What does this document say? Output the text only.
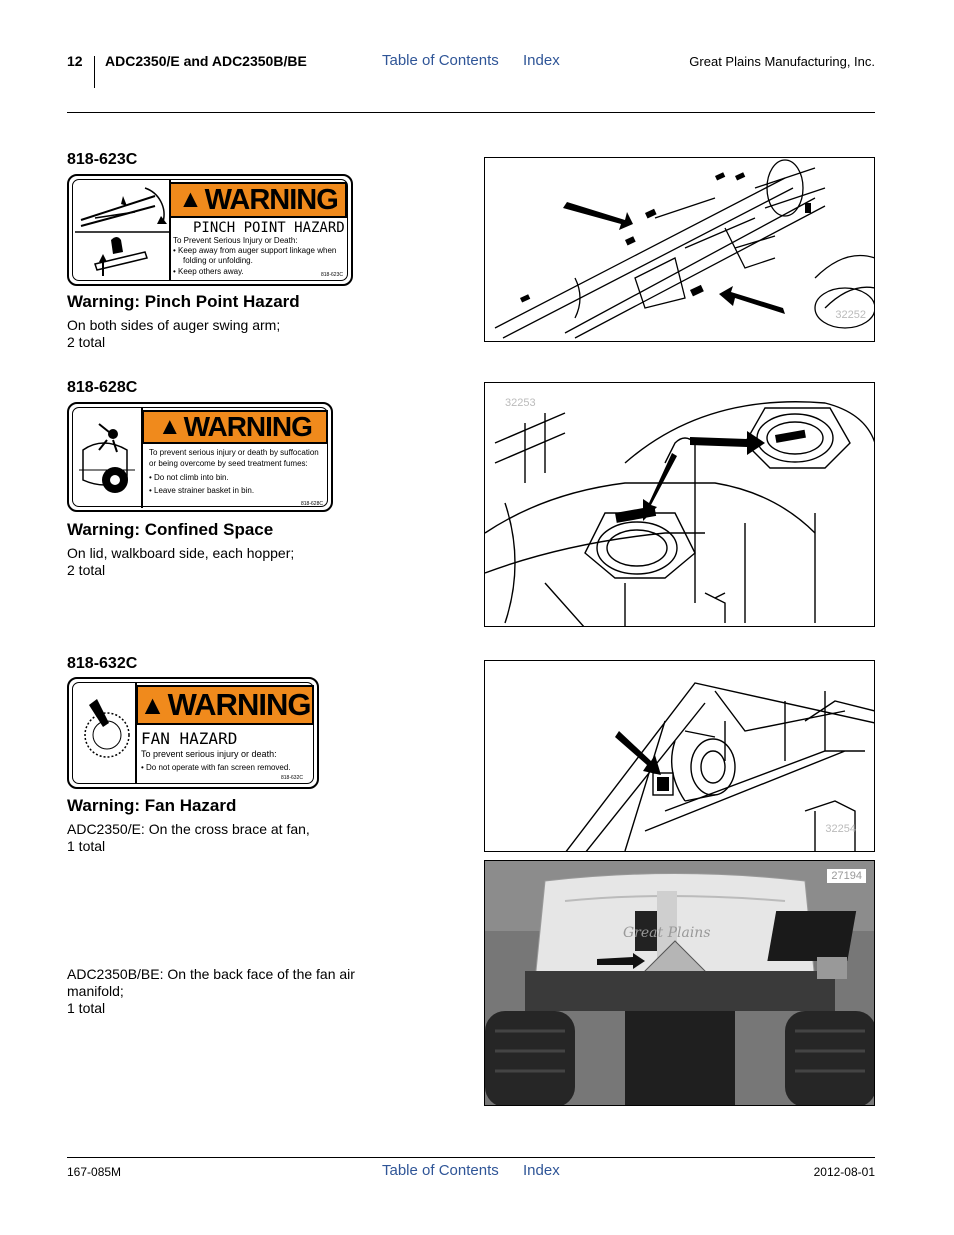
12 ADC2350/E and ADC2350B/BE	Table of Contents Index	Great Plains Manufacturing, Inc.
818-623C
▲ WARNING
PINCH POINT HAZARD
To Prevent Serious Injury or Death:
• Keep away from auger support linkage when
folding or unfolding.
• Keep others away.	818-623C
Warning: Pinch Point Hazard
On both sides of auger swing arm;
2 total
32252
818-628C
▲ WARNING
To prevent serious injury or death by suffocation
or being overcome by seed treatment fumes:
• Do not climb into bin.
• Leave strainer basket in bin.
818-628C
Warning: Confined Space
On lid, walkboard side, each hopper;
2 total
32253
818-632C
▲ WARNING
FAN HAZARD
To prevent serious injury or death:
• Do not operate with fan screen removed.
818-632C
Warning: Fan Hazard
ADC2350/E: On the cross brace at fan,
1 total
ADC2350B/BE: On the back face of the fan air
manifold;
1 total
32254
Great Plains
27194
167-085M	Table of Contents Index	2012-08-01
